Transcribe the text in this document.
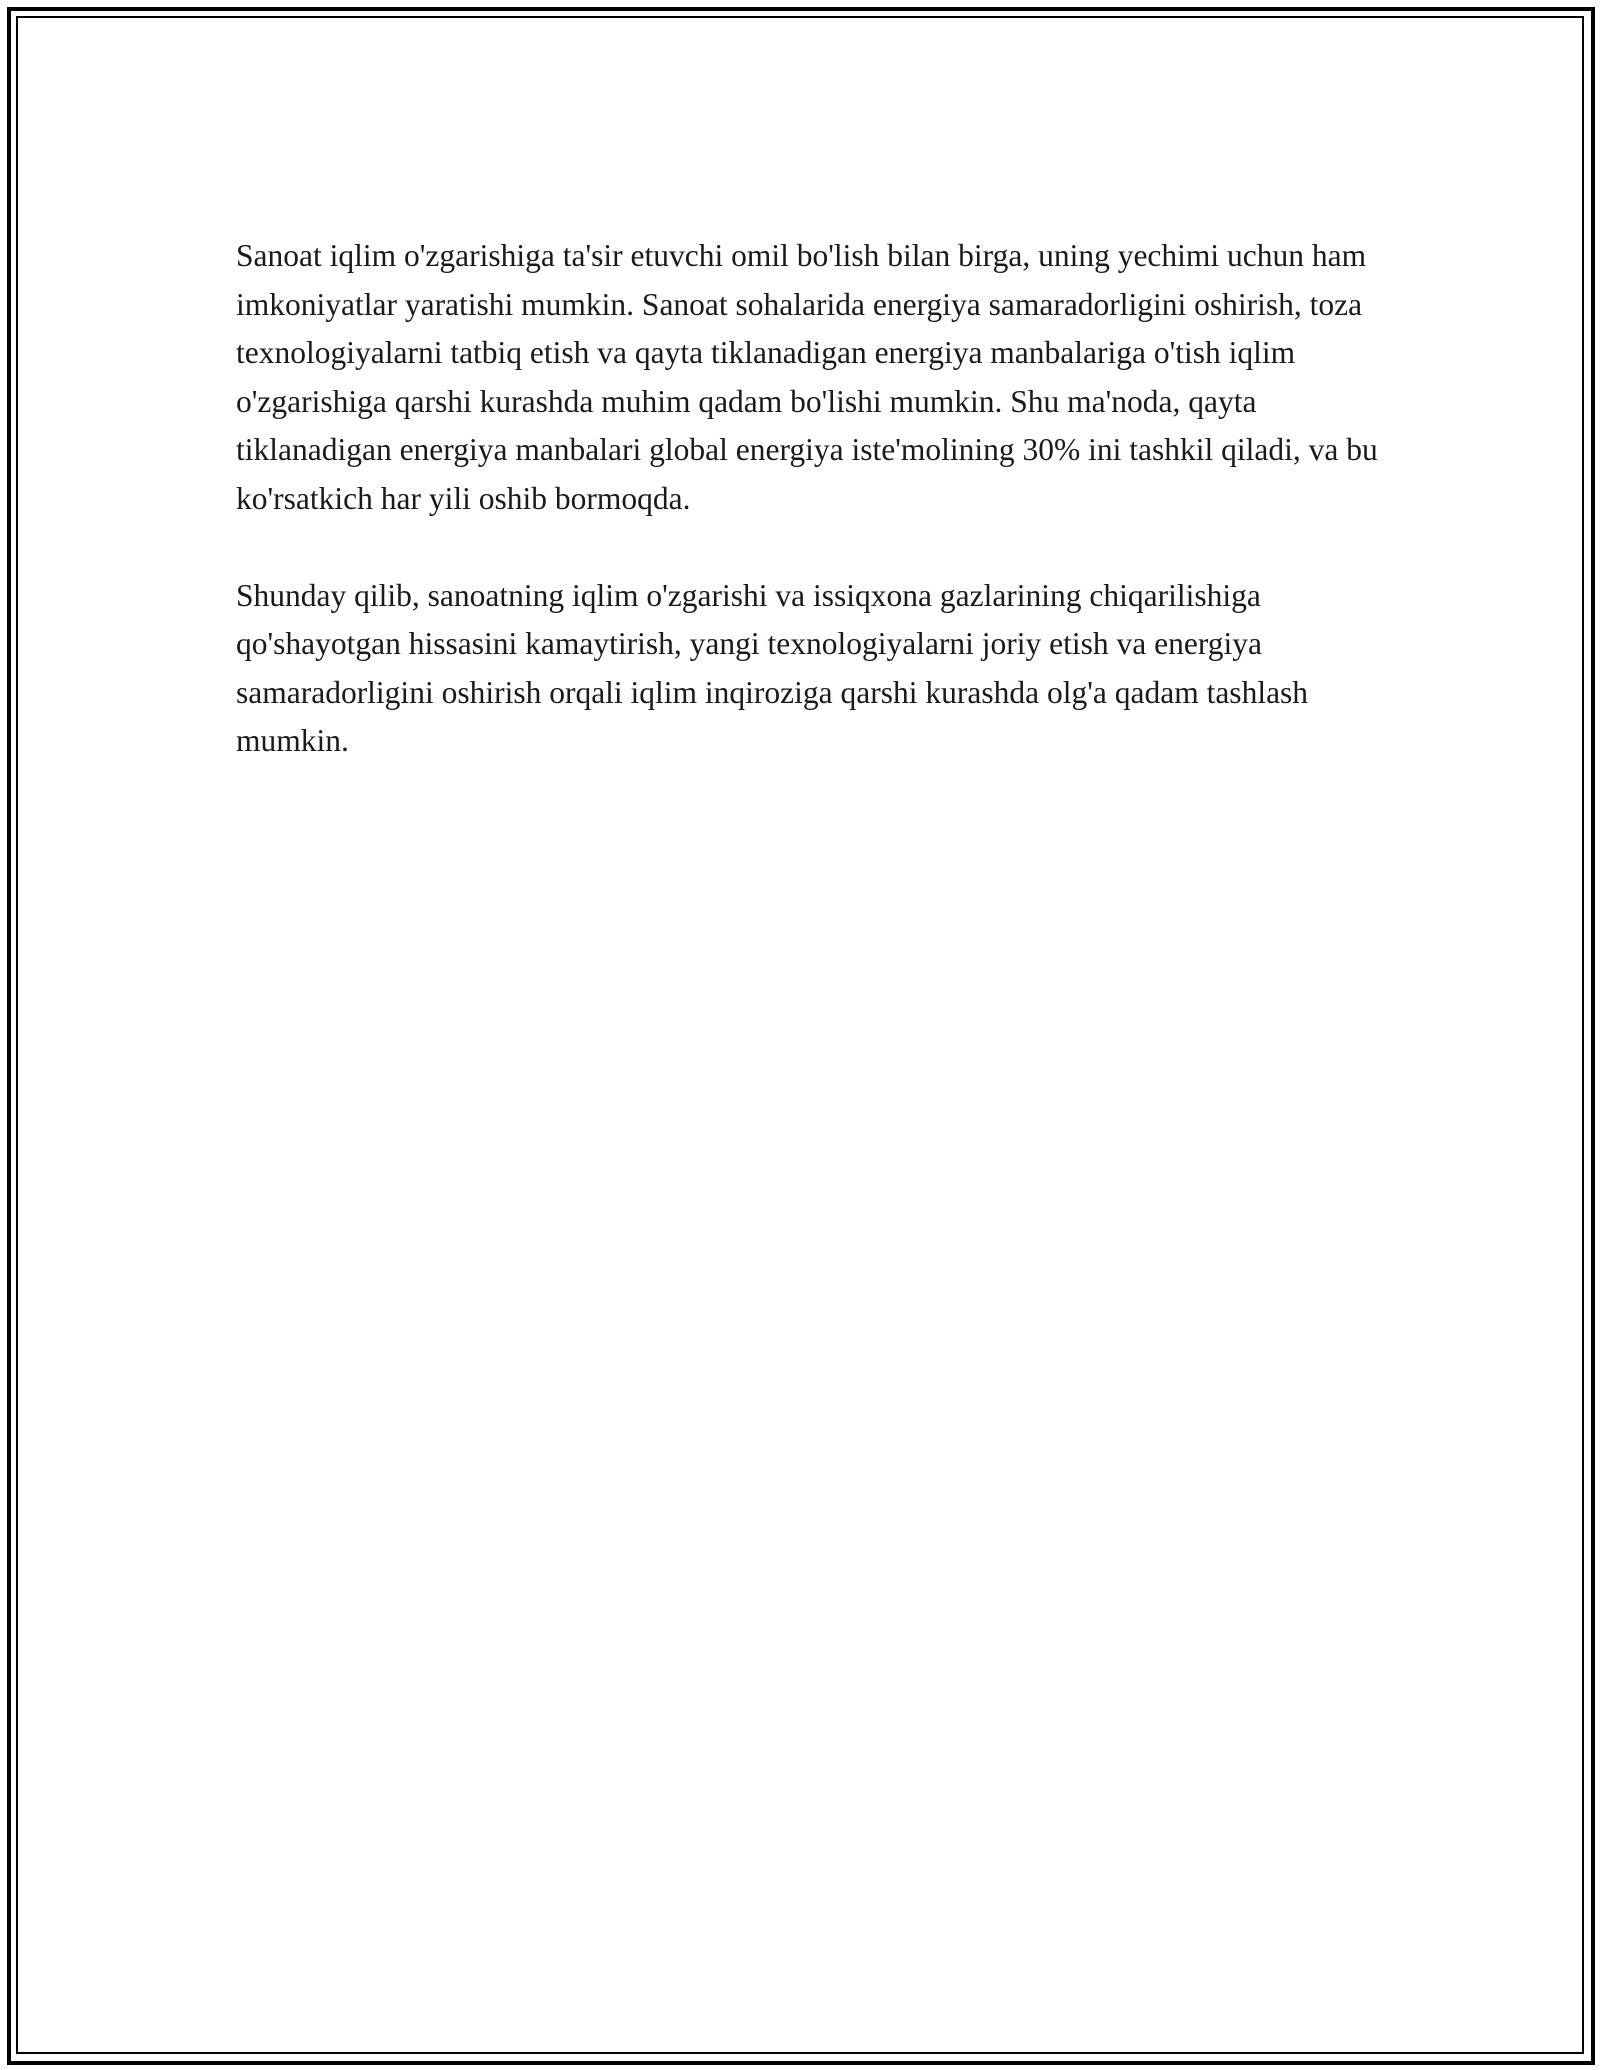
Sanoat iqlim o'zgarishiga ta'sir etuvchi omil bo'lish bilan birga, uning yechimi uchun ham imkoniyatlar yaratishi mumkin. Sanoat sohalarida energiya samaradorligini oshirish, toza texnologiyalarni tatbiq etish va qayta tiklanadigan energiya manbalariga o'tish iqlim o'zgarishiga qarshi kurashda muhim qadam bo'lishi mumkin. Shu ma'noda, qayta tiklanadigan energiya manbalari global energiya iste'molining 30% ini tashkil qiladi, va bu ko'rsatkich har yili oshib bormoqda.

Shunday qilib, sanoatning iqlim o'zgarishi va issiqxona gazlarining chiqarilishiga qo'shayotgan hissasini kamaytirish, yangi texnologiyalarni joriy etish va energiya samaradorligini oshirish orqali iqlim inqiroziga qarshi kurashda olg'a qadam tashlash mumkin.
